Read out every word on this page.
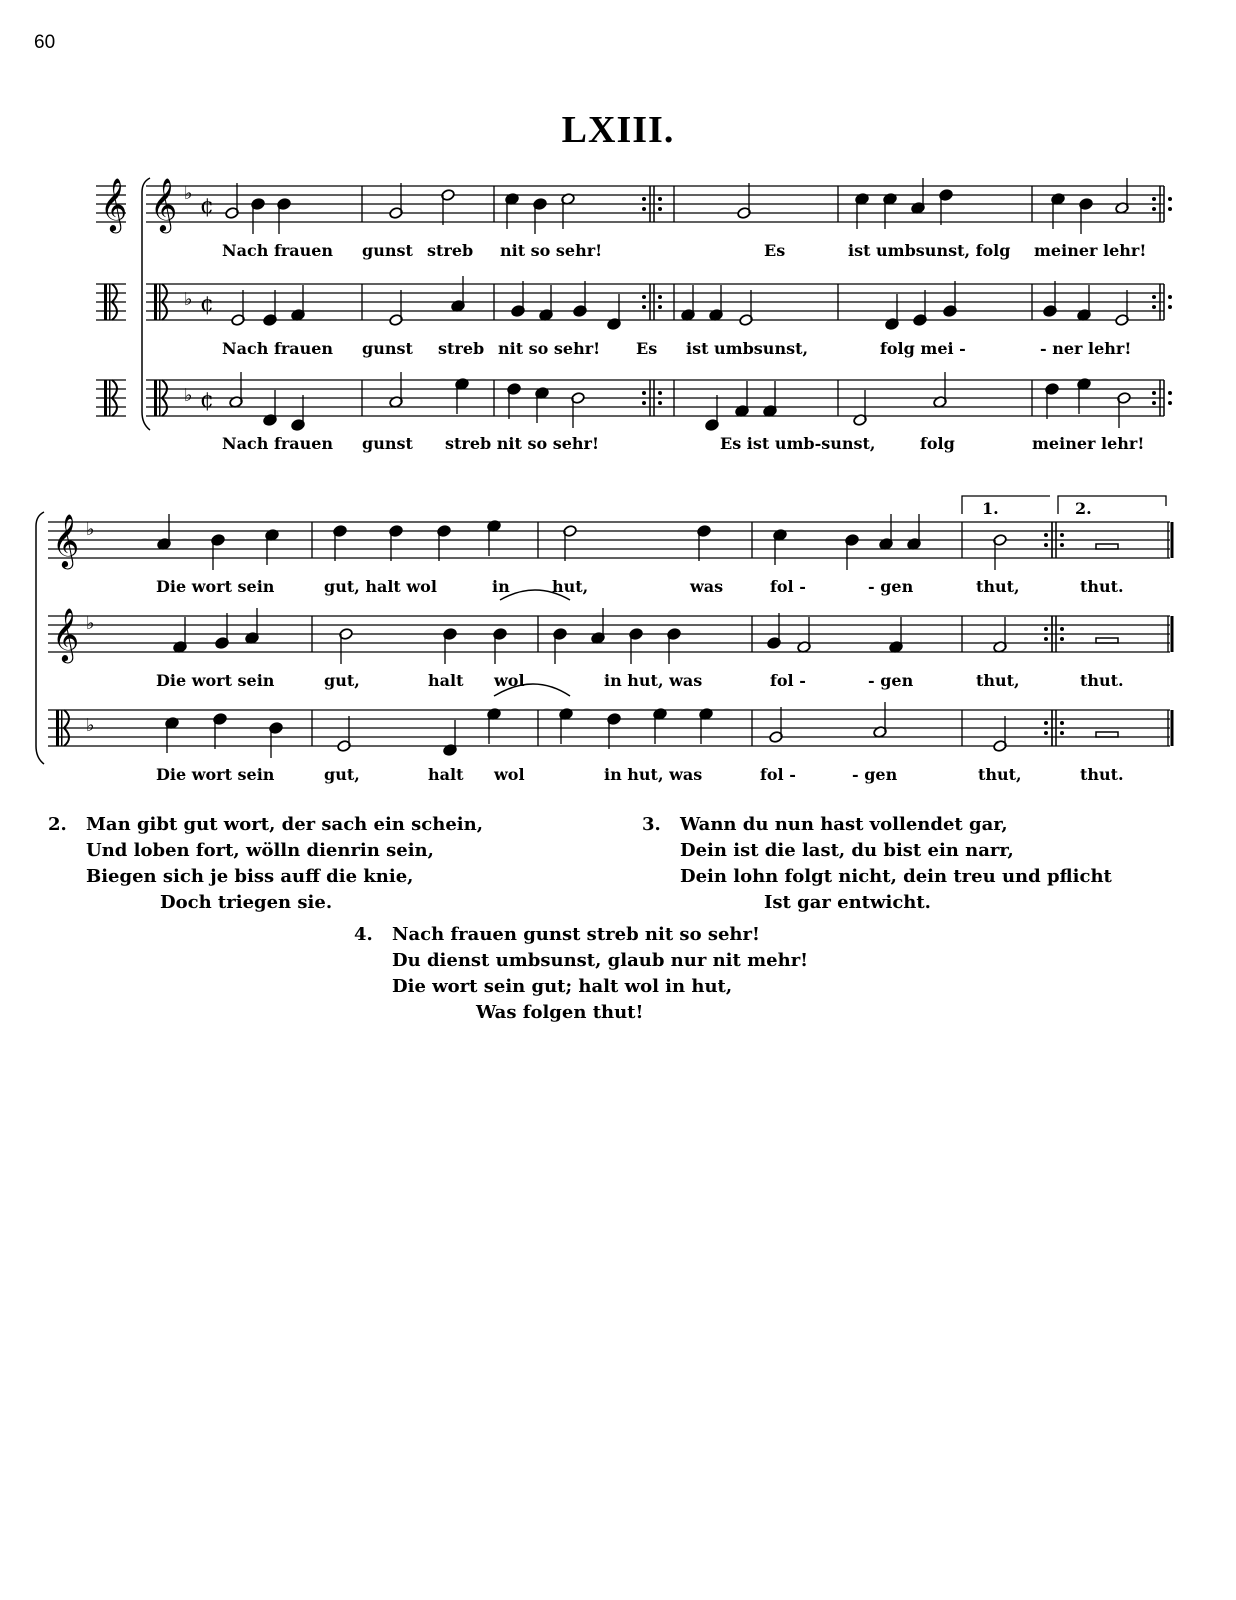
60
LXIII.
𝄞 𝄞 ♭
¢
♭ ¢
♭ ¢
𝄞 ♭
𝄞 ♭
♭
Nach frauen gunst streb nit so sehr!	Es	ist umbsunst, folg meiner lehr!
Nach frauen gunst streb nit so sehr! Es ist umbsunst,	folg mei -	- ner lehr!
Nach frauen gunst streb nit so sehr!	Es ist umb-sunst,	folg	meiner lehr!
1.	2.
Die wort sein	gut, halt wol	in	hut,	was	fol -	- gen	thut,	thut.
Die wort sein	gut,	halt wol	in hut, was	fol -	- gen	thut,	thut.
Die wort sein	gut,	halt wol	in hut, was	fol -	- gen	thut,	thut.
2. Man gibt gut wort, der sach ein schein,
Und loben fort, wölln dienrin sein,
Biegen sich je biss auff die knie,
Doch triegen sie.
3. Wann du nun hast vollendet gar,
Dein ist die last, du bist ein narr,
Dein lohn folgt nicht, dein treu und pflicht
Ist gar entwicht.
4. Nach frauen gunst streb nit so sehr!
Du dienst umbsunst, glaub nur nit mehr!
Die wort sein gut; halt wol in hut,
Was folgen thut!
